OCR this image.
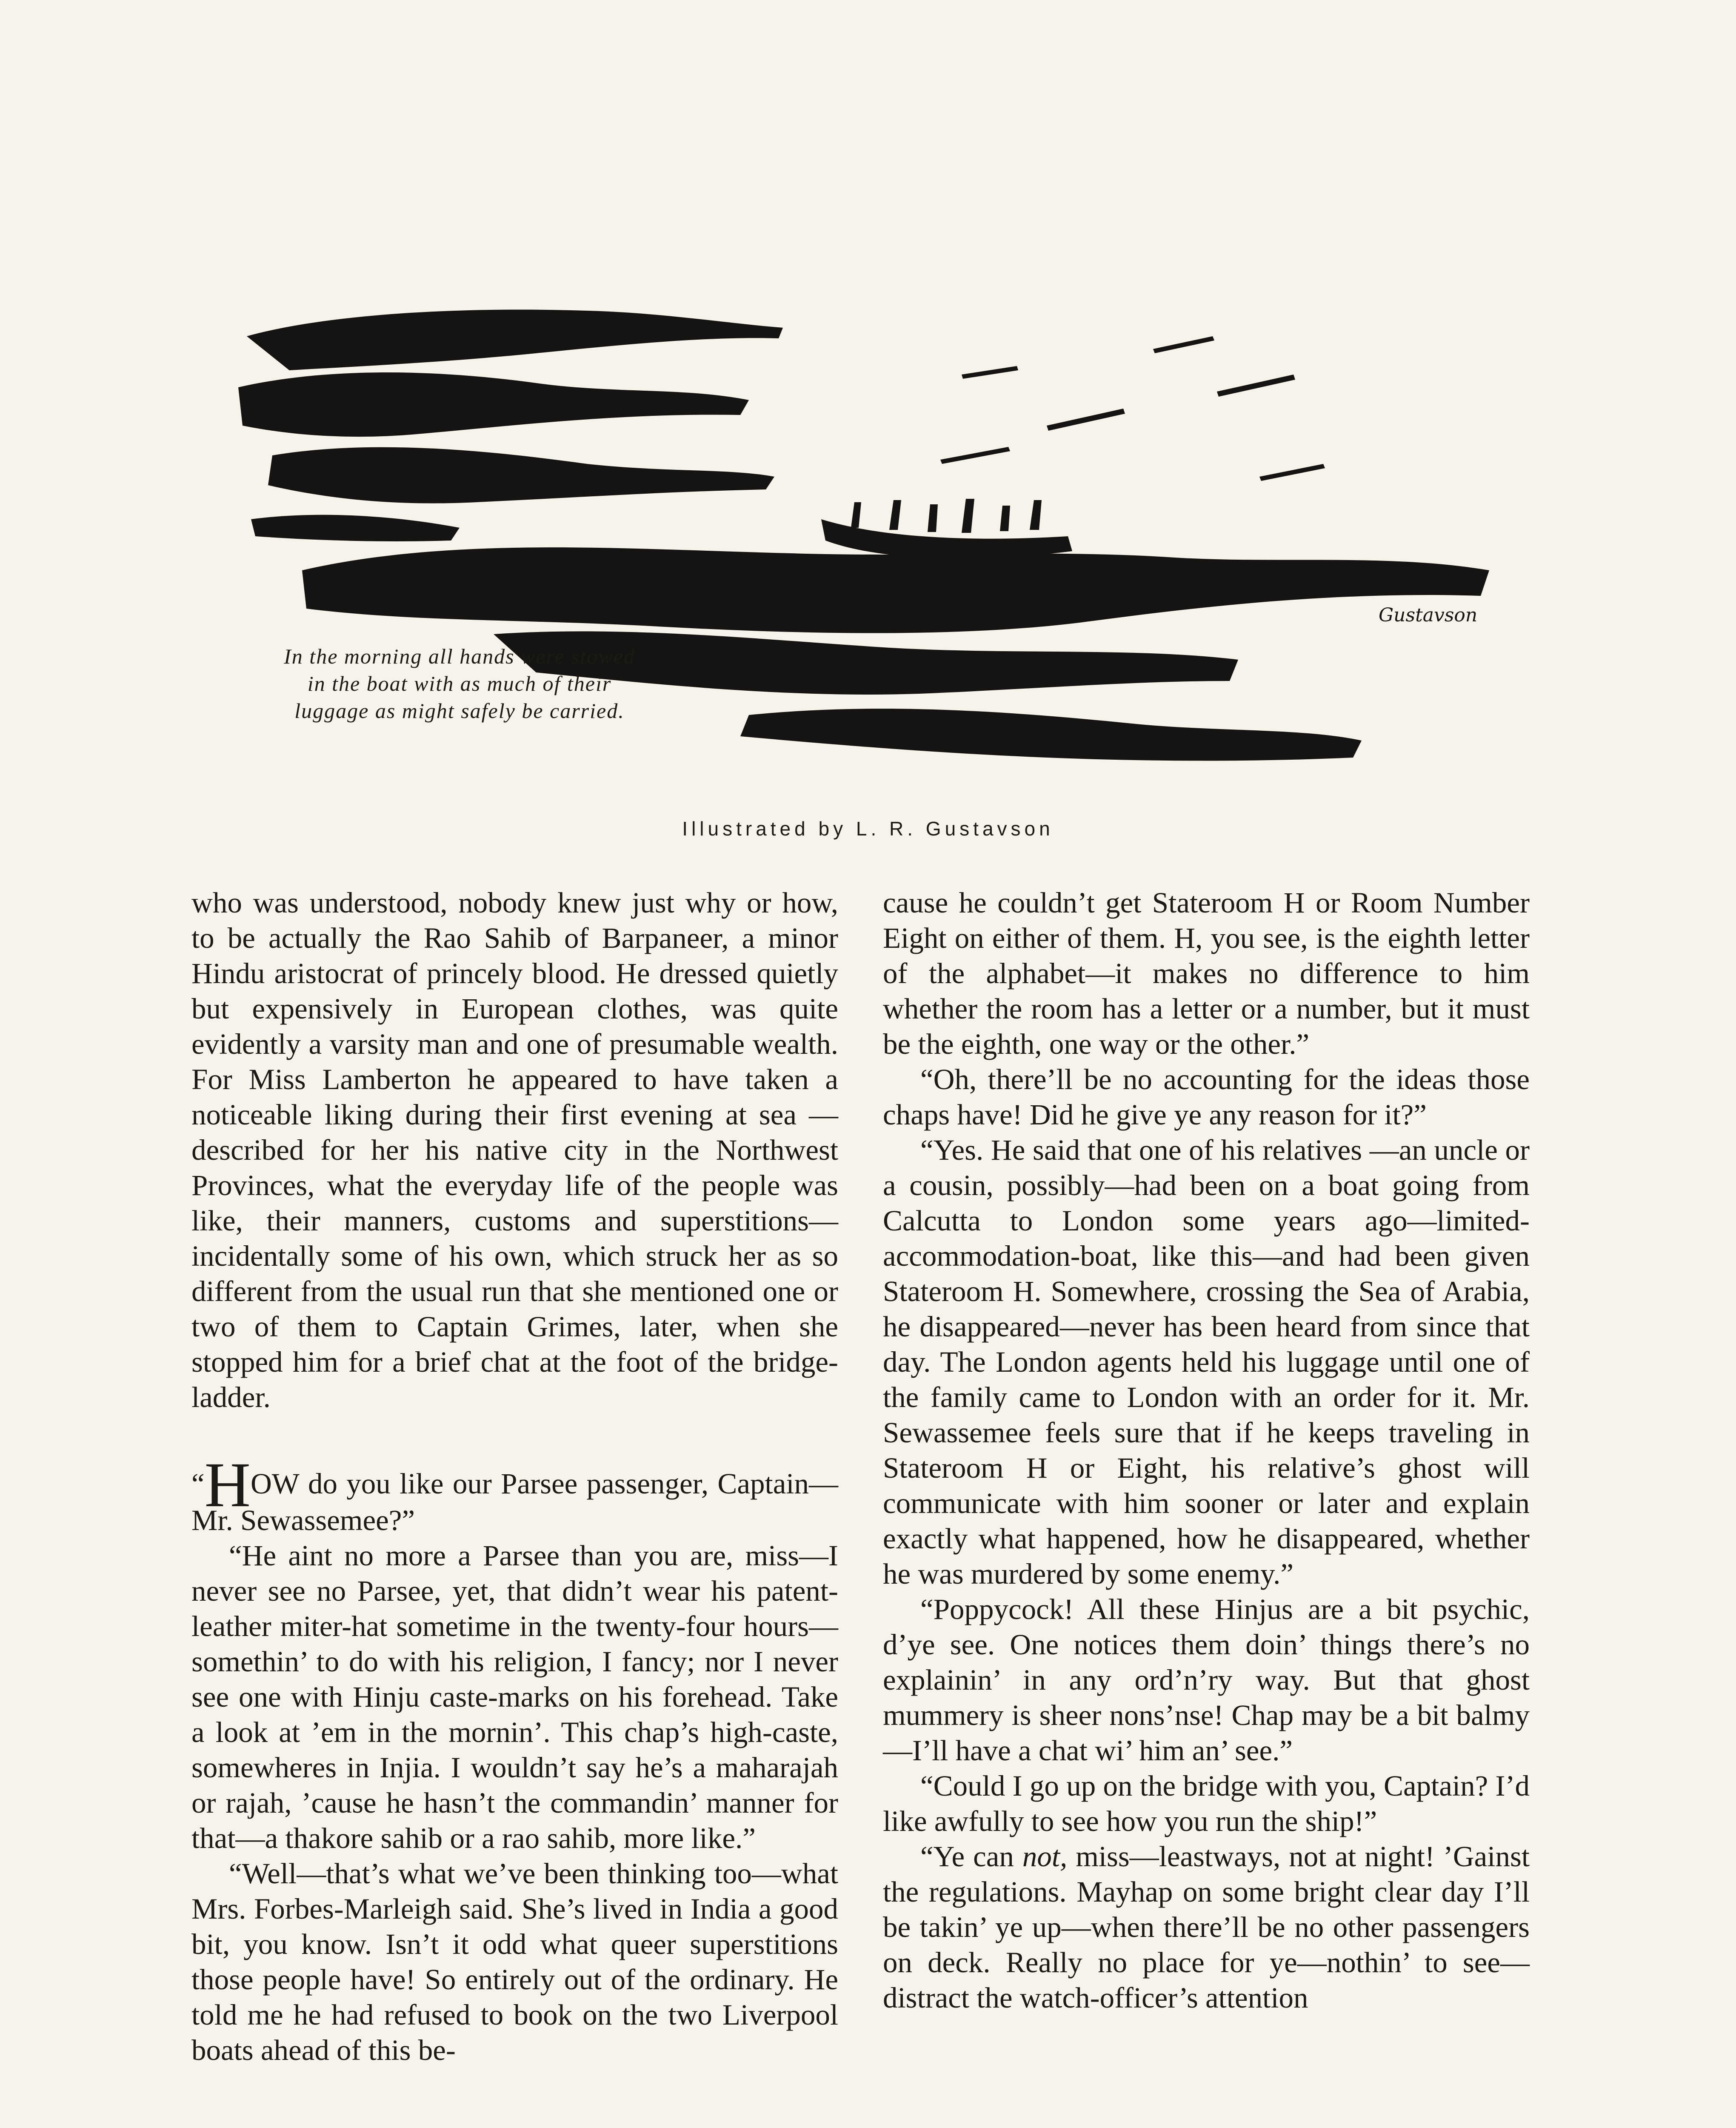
Gustavson
In the morning all hands were stowed in the boat with as much of their luggage as might safely be carried.
Illustrated by L. R. Gustavson

who was understood, nobody knew just why or how, to be actually the Rao Sahib of Barpaneer, a minor Hindu aristocrat of princely blood. He dressed quietly but expensively in European clothes, was quite evidently a varsity man and one of presumable wealth. For Miss Lamberton he appeared to have taken a noticeable liking during their first evening at sea —described for her his native city in the Northwest Provinces, what the everyday life of the people was like, their manners, customs and superstitions—incidentally some of his own, which struck her as so different from the usual run that she mentioned one or two of them to Captain Grimes, later, when she stopped him for a brief chat at the foot of the bridge-ladder.

“HOW do you like our Parsee passenger, Captain—Mr. Sewassemee?”

“He aint no more a Parsee than you are, miss—I never see no Parsee, yet, that didn’t wear his patent-leather miter-hat sometime in the twenty-four hours—somethin’ to do with his religion, I fancy; nor I never see one with Hinju caste-marks on his forehead. Take a look at ’em in the mornin’. This chap’s high-caste, somewheres in Injia. I wouldn’t say he’s a maharajah or rajah, ’cause he hasn’t the commandin’ manner for that—a thakore sahib or a rao sahib, more like.”

“Well—that’s what we’ve been thinking too—what Mrs. Forbes-Marleigh said. She’s lived in India a good bit, you know. Isn’t it odd what queer superstitions those people have! So entirely out of the ordinary. He told me he had refused to book on the two Liverpool boats ahead of this be-

cause he couldn’t get Stateroom H or Room Number Eight on either of them. H, you see, is the eighth letter of the alphabet—it makes no difference to him whether the room has a letter or a number, but it must be the eighth, one way or the other.”

“Oh, there’ll be no accounting for the ideas those chaps have! Did he give ye any reason for it?”

“Yes. He said that one of his relatives —an uncle or a cousin, possibly—had been on a boat going from Calcutta to London some years ago—limited-accommodation-boat, like this—and had been given Stateroom H. Somewhere, crossing the Sea of Arabia, he disappeared—never has been heard from since that day. The London agents held his luggage until one of the family came to London with an order for it. Mr. Sewassemee feels sure that if he keeps traveling in Stateroom H or Eight, his relative’s ghost will communicate with him sooner or later and explain exactly what happened, how he disappeared, whether he was murdered by some enemy.”

“Poppycock! All these Hinjus are a bit psychic, d’ye see. One notices them doin’ things there’s no explainin’ in any ord’n’ry way. But that ghost mummery is sheer nons’nse! Chap may be a bit balmy —I’ll have a chat wi’ him an’ see.”

“Could I go up on the bridge with you, Captain? I’d like awfully to see how you run the ship!”

“Ye can not, miss—leastways, not at night! ’Gainst the regulations. Mayhap on some bright clear day I’ll be takin’ ye up—when there’ll be no other passengers on deck. Really no place for ye—nothin’ to see—distract the watch-officer’s attention
